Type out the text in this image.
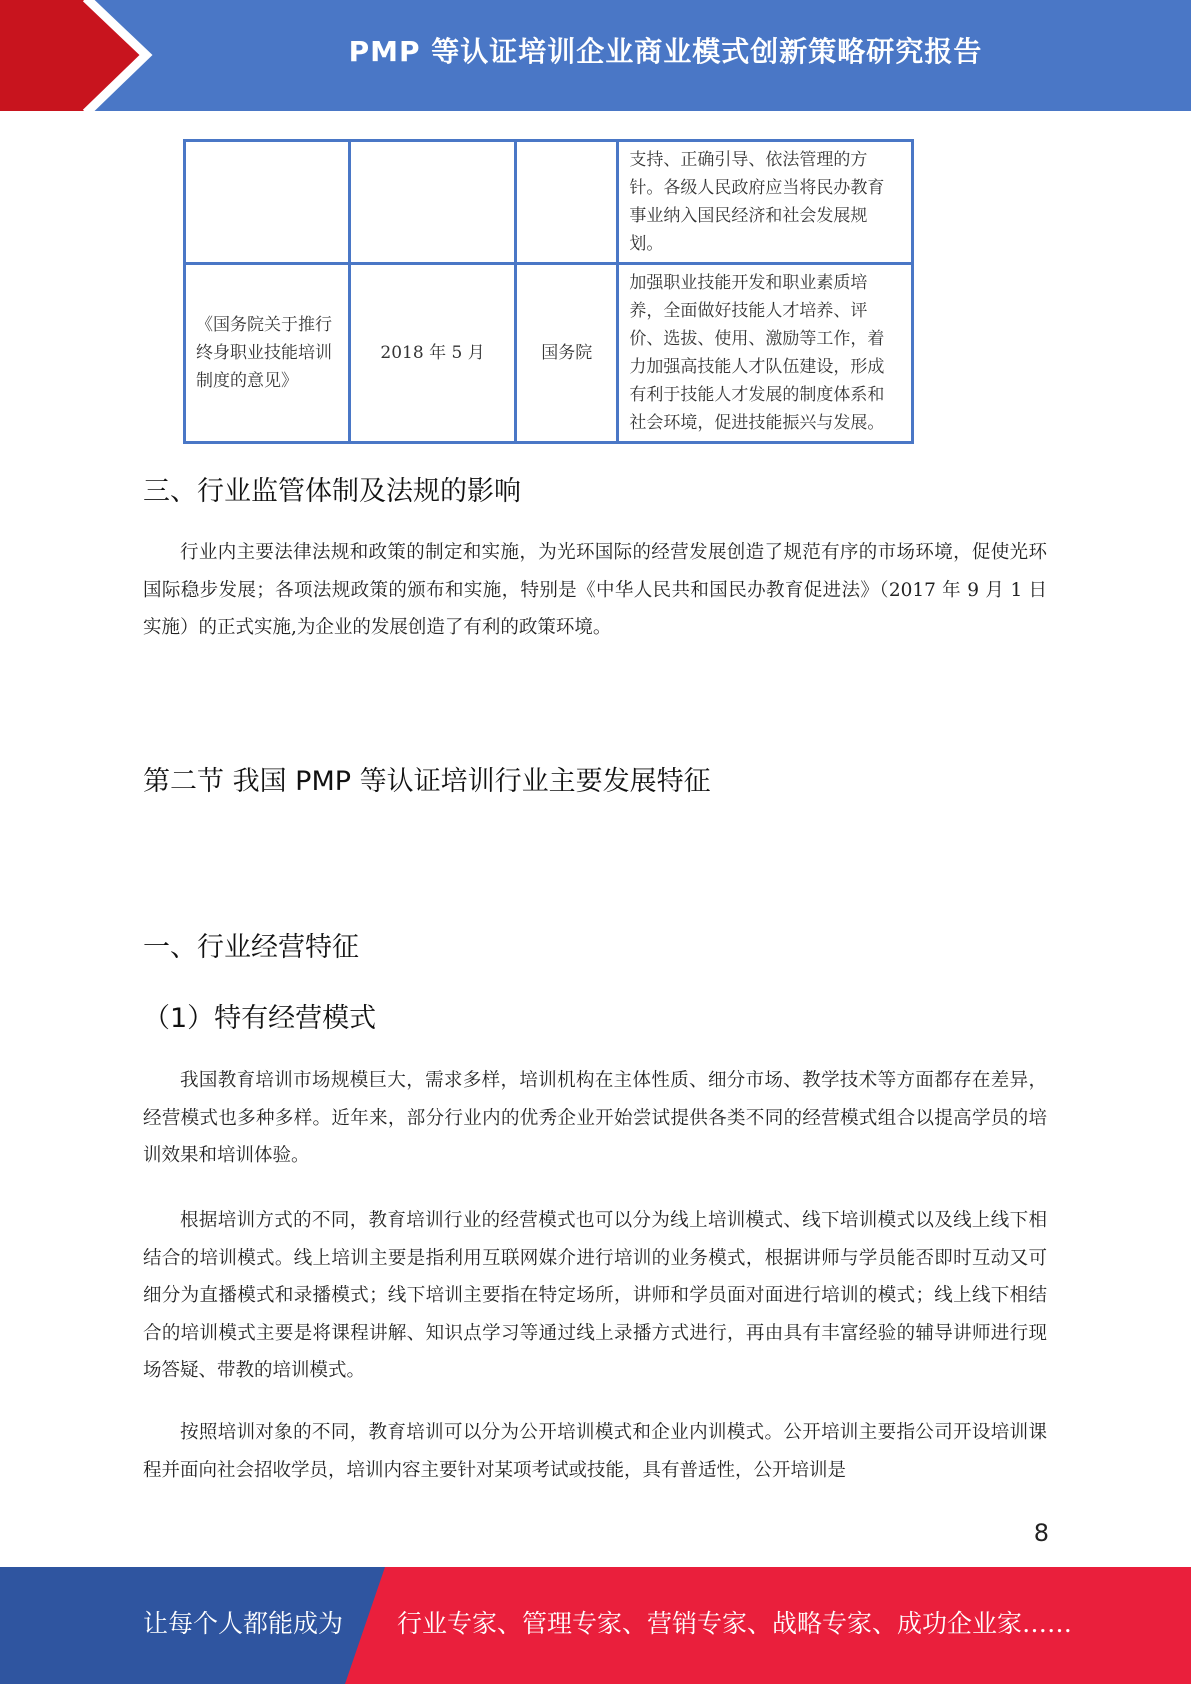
PMP 等认证培训企业商业模式创新策略研究报告
			支持、正确引导、依法管理的方针。各级人民政府应当将民办教育事业纳入国民经济和社会发展规划。
《国务院关于推行终身职业技能培训制度的意见》	2018 年 5 月	国务院	加强职业技能开发和职业素质培养，全面做好技能人才培养、评价、选拔、使用、激励等工作，着力加强高技能人才队伍建设，形成有利于技能人才发展的制度体系和社会环境，促进技能振兴与发展。
三、行业监管体制及法规的影响

行业内主要法律法规和政策的制定和实施，为光环国际的经营发展创造了规范有序的市场环境，促使光环国际稳步发展；各项法规政策的颁布和实施，特别是《中华人民共和国民办教育促进法》（2017 年 9 月 1 日实施）的正式实施,为企业的发展创造了有利的政策环境。

第二节 我国 PMP 等认证培训行业主要发展特征
一、行业经营特征
（1）特有经营模式

我国教育培训市场规模巨大，需求多样，培训机构在主体性质、细分市场、教学技术等方面都存在差异，经营模式也多种多样。近年来，部分行业内的优秀企业开始尝试提供各类不同的经营模式组合以提高学员的培训效果和培训体验。

根据培训方式的不同，教育培训行业的经营模式也可以分为线上培训模式、线下培训模式以及线上线下相结合的培训模式。线上培训主要是指利用互联网媒介进行培训的业务模式，根据讲师与学员能否即时互动又可细分为直播模式和录播模式；线下培训主要指在特定场所，讲师和学员面对面进行培训的模式；线上线下相结合的培训模式主要是将课程讲解、知识点学习等通过线上录播方式进行，再由具有丰富经验的辅导讲师进行现场答疑、带教的培训模式。

按照培训对象的不同，教育培训可以分为公开培训模式和企业内训模式。公开培训主要指公司开设培训课程并面向社会招收学员，培训内容主要针对某项考试或技能，具有普适性，公开培训是

8
让每个人都能成为 行业专家、管理专家、营销专家、战略专家、成功企业家……
